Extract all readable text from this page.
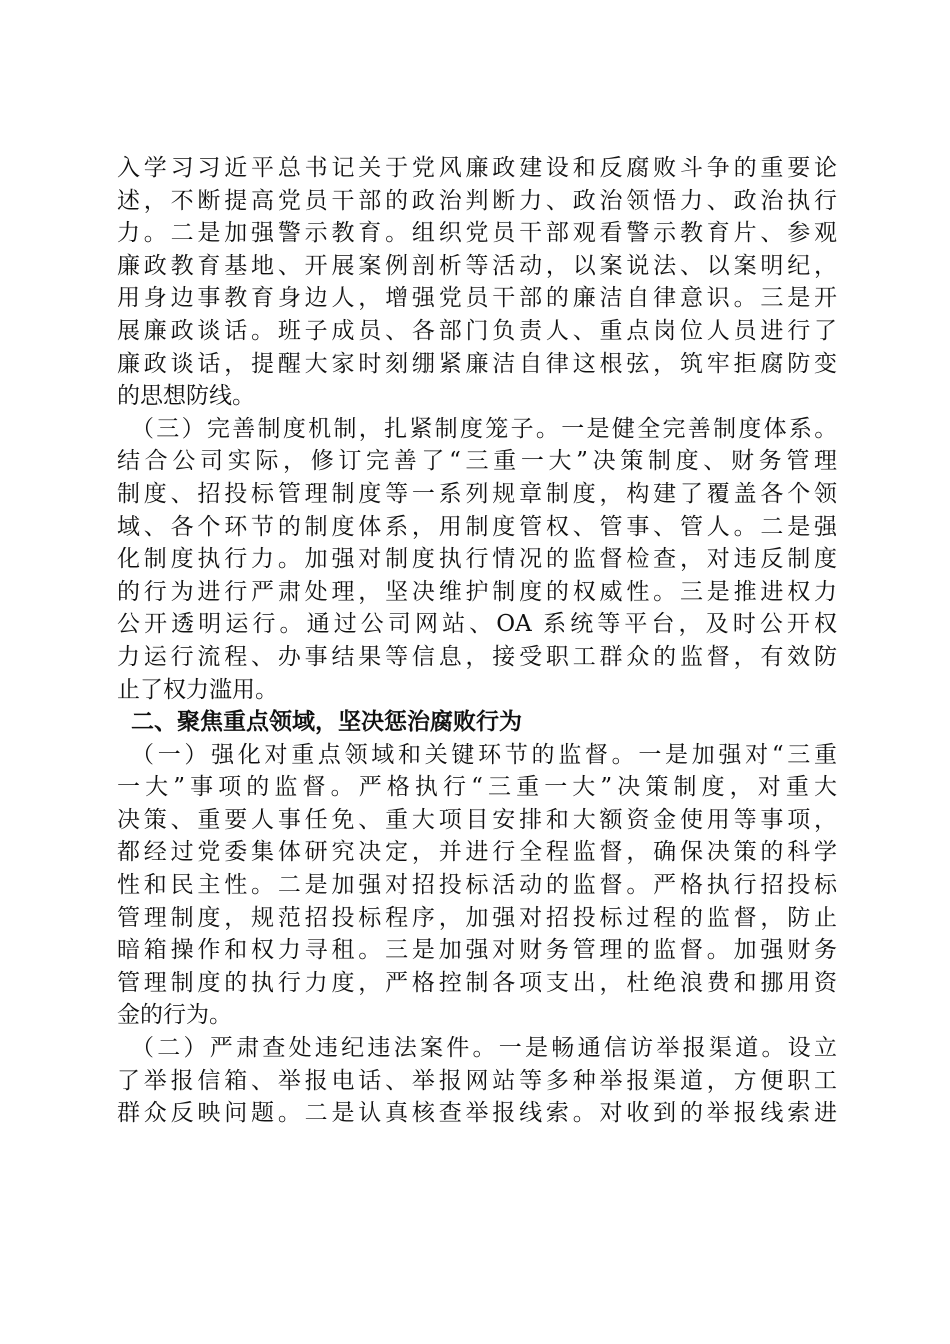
入学习习近平总书记关于党风廉政建设和反腐败斗争的重要论
述，不断提高党员干部的政治判断力、政治领悟力、政治执行
力。二是加强警示教育。组织党员干部观看警示教育片、参观
廉政教育基地、开展案例剖析等活动，以案说法、以案明纪，
用身边事教育身边人，增强党员干部的廉洁自律意识。三是开
展廉政谈话。班子成员、各部门负责人、重点岗位人员进行了
廉政谈话，提醒大家时刻绷紧廉洁自律这根弦，筑牢拒腐防变
的思想防线。
（三）完善制度机制，扎紧制度笼子。一是健全完善制度体系。
结合公司实际，修订完善了“三重一大”决策制度、财务管理
制度、招投标管理制度等一系列规章制度，构建了覆盖各个领
域、各个环节的制度体系，用制度管权、管事、管人。二是强
化制度执行力。加强对制度执行情况的监督检查，对违反制度
的行为进行严肃处理，坚决维护制度的权威性。三是推进权力
公开透明运行。通过公司网站、OA 系统等平台，及时公开权
力运行流程、办事结果等信息，接受职工群众的监督，有效防
止了权力滥用。
二、聚焦重点领域，坚决惩治腐败行为
（一）强化对重点领域和关键环节的监督。一是加强对“三重
一大”事项的监督。严格执行“三重一大”决策制度，对重大
决策、重要人事任免、重大项目安排和大额资金使用等事项，
都经过党委集体研究决定，并进行全程监督，确保决策的科学
性和民主性。二是加强对招投标活动的监督。严格执行招投标
管理制度，规范招投标程序，加强对招投标过程的监督，防止
暗箱操作和权力寻租。三是加强对财务管理的监督。加强财务
管理制度的执行力度，严格控制各项支出，杜绝浪费和挪用资
金的行为。
（二）严肃查处违纪违法案件。一是畅通信访举报渠道。设立
了举报信箱、举报电话、举报网站等多种举报渠道，方便职工
群众反映问题。二是认真核查举报线索。对收到的举报线索进
